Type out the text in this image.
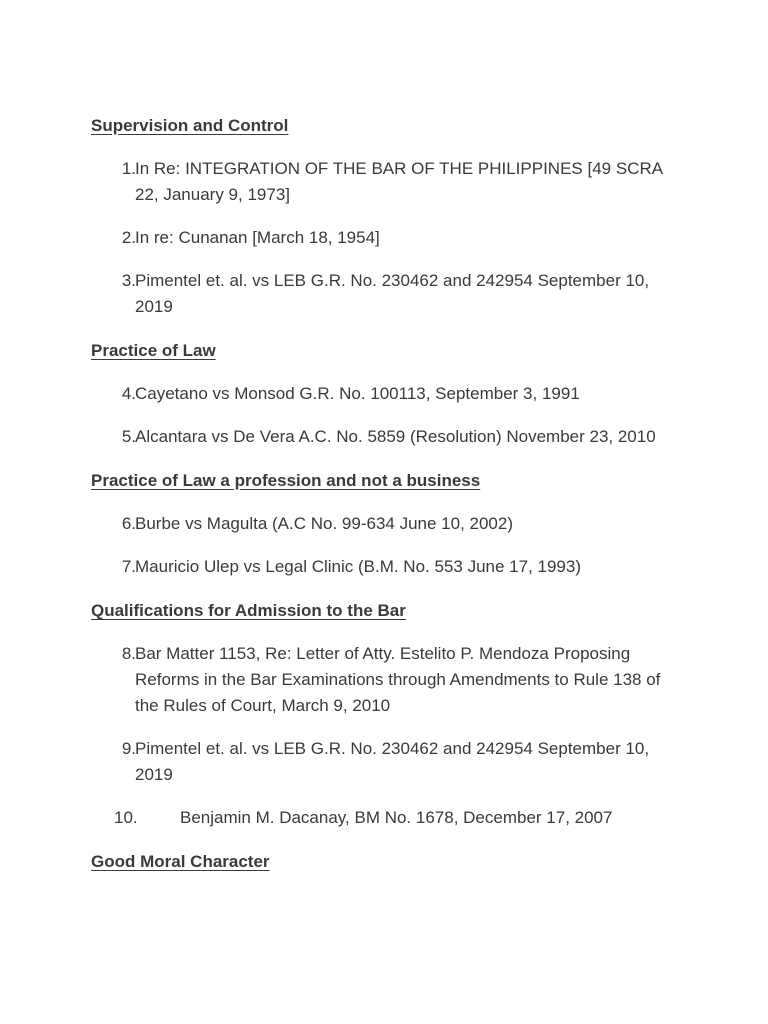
Supervision and Control
1. In Re: INTEGRATION OF THE BAR OF THE PHILIPPINES [49 SCRA 22, January 9, 1973]
2. In re: Cunanan [March 18, 1954]
3. Pimentel et. al. vs LEB G.R. No. 230462 and 242954 September 10, 2019
Practice of Law
4. Cayetano vs Monsod G.R. No. 100113, September 3, 1991
5. Alcantara vs De Vera A.C. No. 5859 (Resolution) November 23, 2010
Practice of Law a profession and not a business
6. Burbe vs Magulta (A.C No. 99-634 June 10, 2002)
7. Mauricio Ulep vs Legal Clinic (B.M. No. 553 June 17, 1993)
Qualifications for Admission to the Bar
8. Bar Matter 1153, Re: Letter of Atty. Estelito P. Mendoza Proposing Reforms in the Bar Examinations through Amendments to Rule 138 of the Rules of Court, March 9, 2010
9. Pimentel et. al. vs LEB G.R. No. 230462 and 242954 September 10, 2019
10.	Benjamin M. Dacanay, BM No. 1678, December 17, 2007
Good Moral Character
